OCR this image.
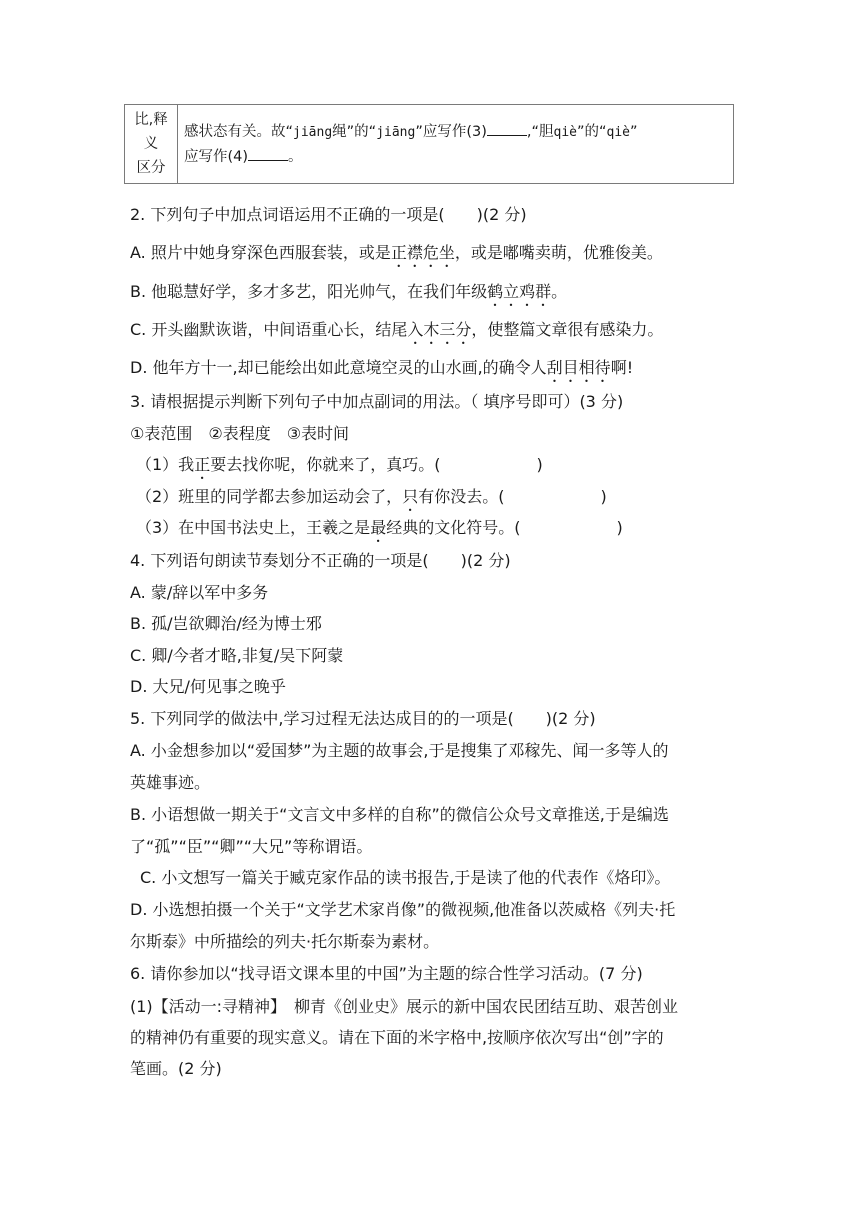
比,释义
区分

感状态有关。故“jiāng绳”的“jiāng”应写作(3)	,“胆qiè”的“qiè”
应写作(4)	。
2. 下列句子中加点词语运用不正确的一项是(　　)(2 分)
A. 照片中她身穿深色西服套装，或是正襟危坐，或是嘟嘴卖萌，优雅俊美。
B. 他聪慧好学，多才多艺，阳光帅气，在我们年级鹤立鸡群。
C. 开头幽默诙谐，中间语重心长，结尾入木三分，使整篇文章很有感染力。
D. 他年方十一,却已能绘出如此意境空灵的山水画,的确令人刮目相待啊!
3. 请根据提示判断下列句子中加点副词的用法。（ 填序号即可）(3 分)
①表范围　②表程度　③表时间
（1）我正要去找你呢，你就来了，真巧。(　　　　　　)
（2）班里的同学都去参加运动会了，只有你没去。(　　　　　　)
（3）在中国书法史上，王羲之是最经典的文化符号。(　　　　　　)
4. 下列语句朗读节奏划分不正确的一项是(　　)(2 分)
A. 蒙/辞以军中多务
B. 孤/岂欲卿治/经为博士邪
C. 卿/今者才略,非复/吴下阿蒙
D. 大兄/何见事之晚乎
5. 下列同学的做法中,学习过程无法达成目的的一项是(　　)(2 分)
A. 小金想参加以“爱国梦”为主题的故事会,于是搜集了邓稼先、闻一多等人的
英雄事迹。
B. 小语想做一期关于“文言文中多样的自称”的微信公众号文章推送,于是编选
了“孤”“臣”“卿”“大兄”等称谓语。
C. 小文想写一篇关于臧克家作品的读书报告,于是读了他的代表作《烙印》。
D. 小选想拍摄一个关于“文学艺术家肖像”的微视频,他准备以茨威格《列夫·托
尔斯泰》中所描绘的列夫·托尔斯泰为素材。
6. 请你参加以“找寻语文课本里的中国”为主题的综合性学习活动。(7 分)
(1)【活动一:寻精神】　柳青《创业史》展示的新中国农民团结互助、艰苦创业
的精神仍有重要的现实意义。请在下面的米字格中,按顺序依次写出“创”字的
笔画。(2 分)
